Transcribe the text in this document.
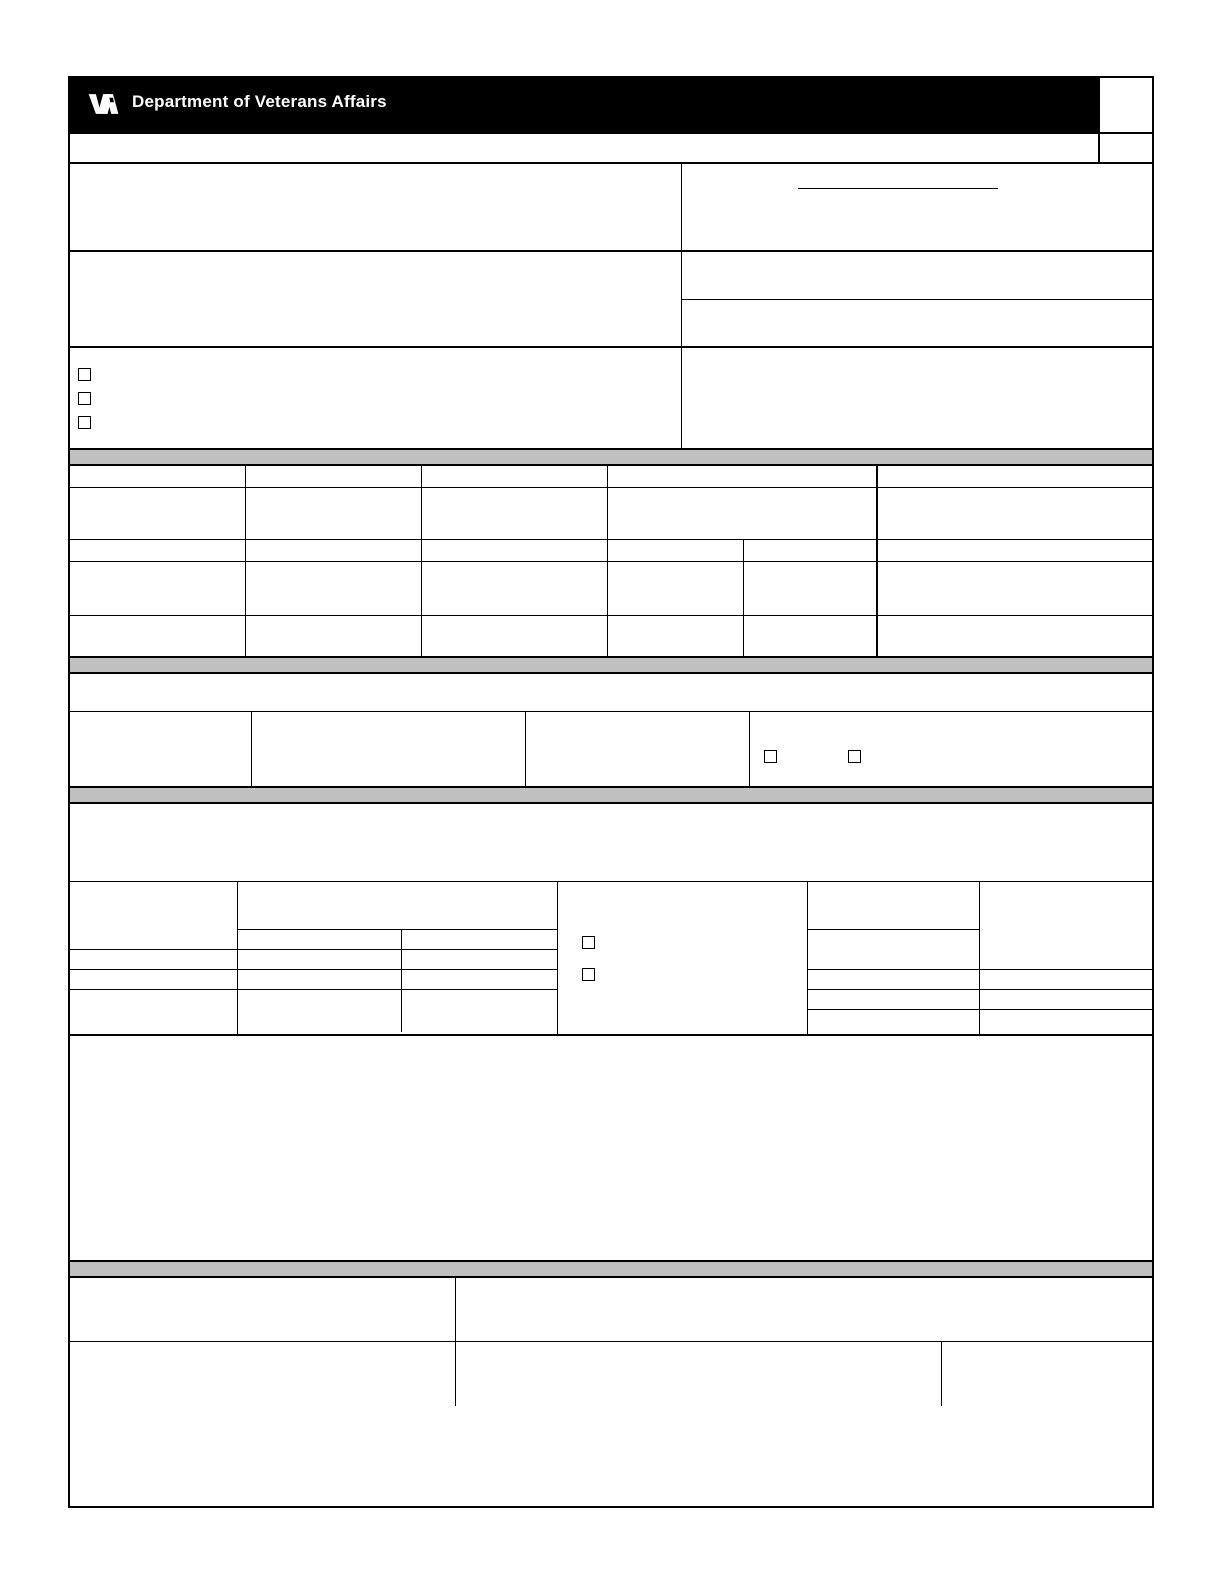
Department of Veterans Affairs
